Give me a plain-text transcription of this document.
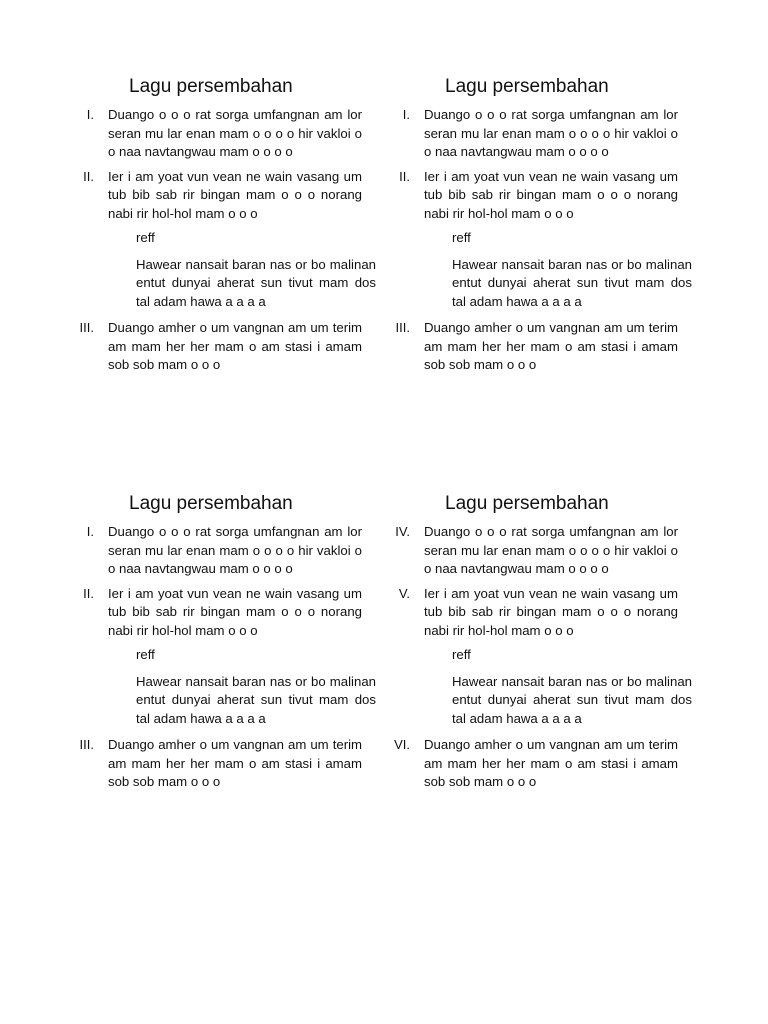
Lagu persembahan
I. Duango o o o rat sorga umfangnan am lor seran mu lar enan mam o o o o hir vakloi o o naa navtangwau mam o o o o
II. Ier i am yoat vun vean ne wain vasang um tub bib sab rir bingan mam o o o norang nabi rir hol-hol mam o o o
reff
Hawear nansait baran nas or bo malinan entut dunyai aherat sun tivut mam dos tal adam hawa a a a a
III. Duango amher o um vangnan am um terim am mam her her mam o am stasi i amam sob sob mam o o o
Lagu persembahan
I. Duango o o o rat sorga umfangnan am lor seran mu lar enan mam o o o o hir vakloi o o naa navtangwau mam o o o o
II. Ier i am yoat vun vean ne wain vasang um tub bib sab rir bingan mam o o o norang nabi rir hol-hol mam o o o
reff
Hawear nansait baran nas or bo malinan entut dunyai aherat sun tivut mam dos tal adam hawa a a a a
III. Duango amher o um vangnan am um terim am mam her her mam o am stasi i amam sob sob mam o o o
Lagu persembahan
I. Duango o o o rat sorga umfangnan am lor seran mu lar enan mam o o o o hir vakloi o o naa navtangwau mam o o o o
II. Ier i am yoat vun vean ne wain vasang um tub bib sab rir bingan mam o o o norang nabi rir hol-hol mam o o o
reff
Hawear nansait baran nas or bo malinan entut dunyai aherat sun tivut mam dos tal adam hawa a a a a
III. Duango amher o um vangnan am um terim am mam her her mam o am stasi i amam sob sob mam o o o
Lagu persembahan
IV. Duango o o o rat sorga umfangnan am lor seran mu lar enan mam o o o o hir vakloi o o naa navtangwau mam o o o o
V. Ier i am yoat vun vean ne wain vasang um tub bib sab rir bingan mam o o o norang nabi rir hol-hol mam o o o
reff
Hawear nansait baran nas or bo malinan entut dunyai aherat sun tivut mam dos tal adam hawa a a a a
VI. Duango amher o um vangnan am um terim am mam her her mam o am stasi i amam sob sob mam o o o
